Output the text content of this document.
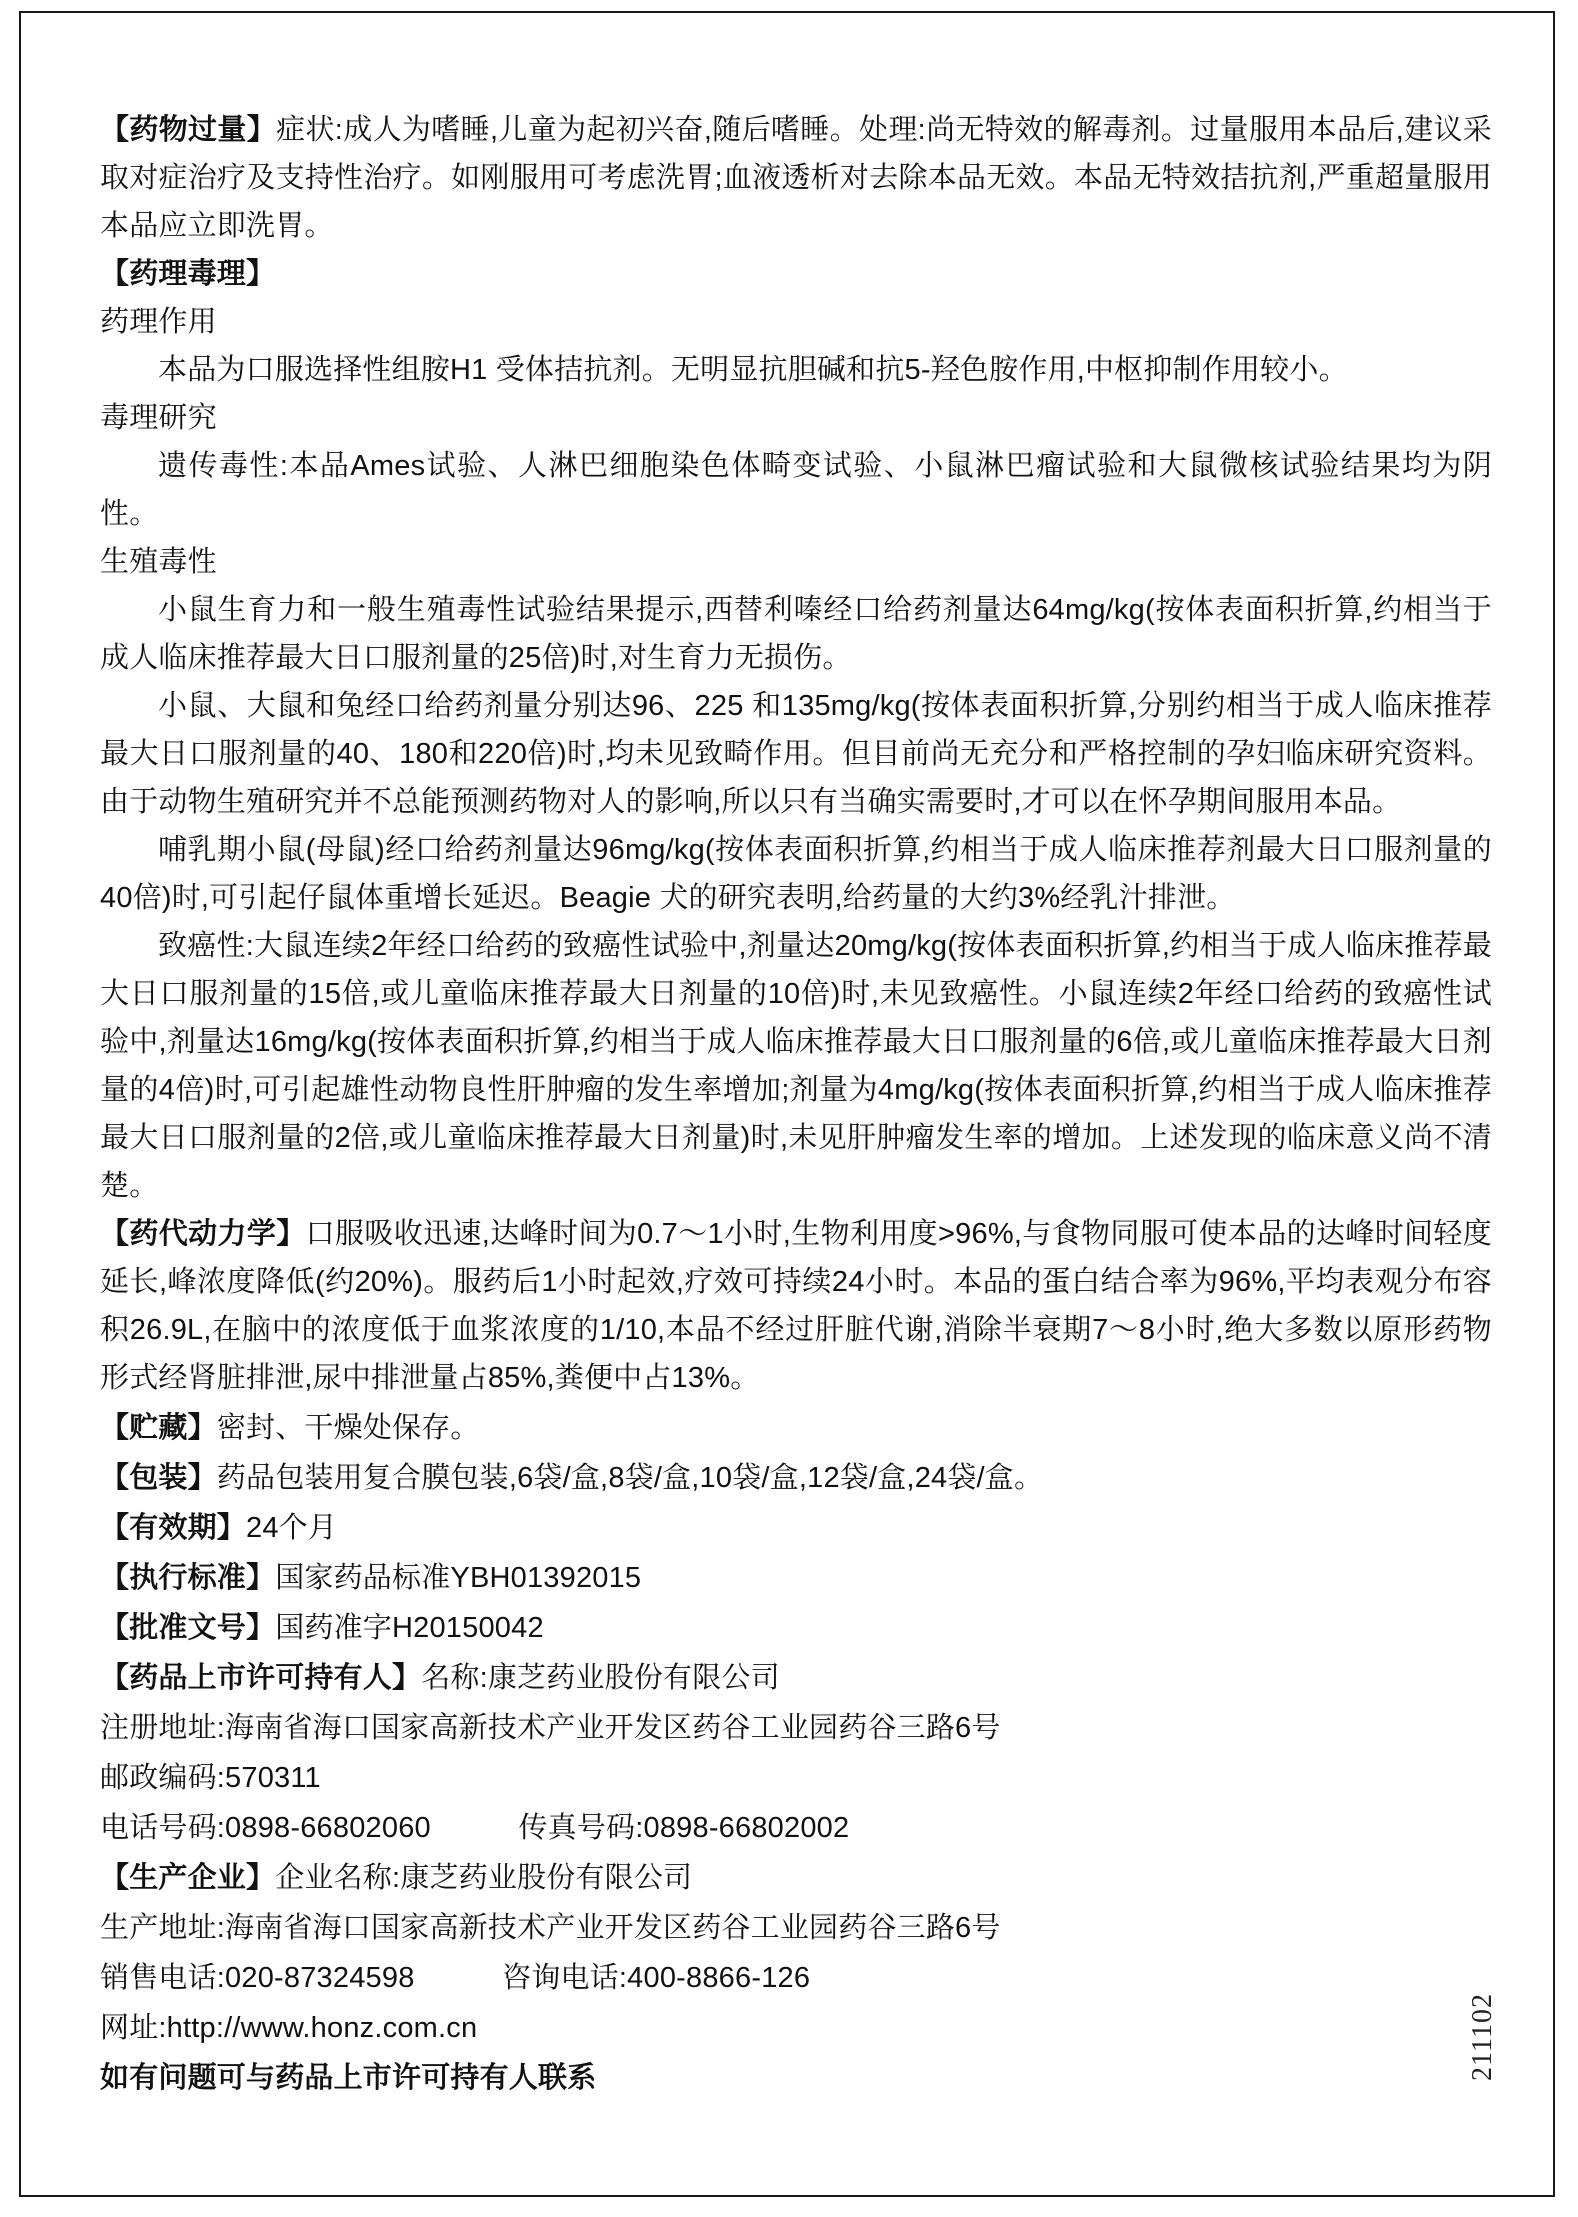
【药物过量】症状:成人为嗜睡,儿童为起初兴奋,随后嗜睡。处理:尚无特效的解毒剂。过量服用本品后,建议采取对症治疗及支持性治疗。如刚服用可考虑洗胃;血液透析对去除本品无效。本品无特效拮抗剂,严重超量服用本品应立即洗胃。

【药理毒理】

药理作用

本品为口服选择性组胺H1 受体拮抗剂。无明显抗胆碱和抗5-羟色胺作用,中枢抑制作用较小。

毒理研究

遗传毒性:本品Ames试验、人淋巴细胞染色体畸变试验、小鼠淋巴瘤试验和大鼠微核试验结果均为阴性。

生殖毒性

小鼠生育力和一般生殖毒性试验结果提示,西替利嗪经口给药剂量达64mg/kg(按体表面积折算,约相当于成人临床推荐最大日口服剂量的25倍)时,对生育力无损伤。

小鼠、大鼠和兔经口给药剂量分别达96、225 和135mg/kg(按体表面积折算,分别约相当于成人临床推荐最大日口服剂量的40、180和220倍)时,均未见致畸作用。但目前尚无充分和严格控制的孕妇临床研究资料。由于动物生殖研究并不总能预测药物对人的影响,所以只有当确实需要时,才可以在怀孕期间服用本品。

哺乳期小鼠(母鼠)经口给药剂量达96mg/kg(按体表面积折算,约相当于成人临床推荐剂最大日口服剂量的40倍)时,可引起仔鼠体重增长延迟。Beagie 犬的研究表明,给药量的大约3%经乳汁排泄。

致癌性:大鼠连续2年经口给药的致癌性试验中,剂量达20mg/kg(按体表面积折算,约相当于成人临床推荐最大日口服剂量的15倍,或儿童临床推荐最大日剂量的10倍)时,未见致癌性。小鼠连续2年经口给药的致癌性试验中,剂量达16mg/kg(按体表面积折算,约相当于成人临床推荐最大日口服剂量的6倍,或儿童临床推荐最大日剂量的4倍)时,可引起雄性动物良性肝肿瘤的发生率增加;剂量为4mg/kg(按体表面积折算,约相当于成人临床推荐最大日口服剂量的2倍,或儿童临床推荐最大日剂量)时,未见肝肿瘤发生率的增加。上述发现的临床意义尚不清楚。

【药代动力学】口服吸收迅速,达峰时间为0.7～1小时,生物利用度>96%,与食物同服可使本品的达峰时间轻度延长,峰浓度降低(约20%)。服药后1小时起效,疗效可持续24小时。本品的蛋白结合率为96%,平均表观分布容积26.9L,在脑中的浓度低于血浆浓度的1/10,本品不经过肝脏代谢,消除半衰期7～8小时,绝大多数以原形药物形式经肾脏排泄,尿中排泄量占85%,粪便中占13%。

【贮藏】密封、干燥处保存。

【包装】药品包装用复合膜包装,6袋/盒,8袋/盒,10袋/盒,12袋/盒,24袋/盒。

【有效期】24个月

【执行标准】国家药品标准YBH01392015

【批准文号】国药准字H20150042

【药品上市许可持有人】名称:康芝药业股份有限公司

注册地址:海南省海口国家高新技术产业开发区药谷工业园药谷三路6号

邮政编码:570311

电话号码:0898-66802060　　　传真号码:0898-66802002

【生产企业】企业名称:康芝药业股份有限公司

生产地址:海南省海口国家高新技术产业开发区药谷工业园药谷三路6号

销售电话:020-87324598　　　咨询电话:400-8866-126

网址:http://www.honz.com.cn

如有问题可与药品上市许可持有人联系	211102
